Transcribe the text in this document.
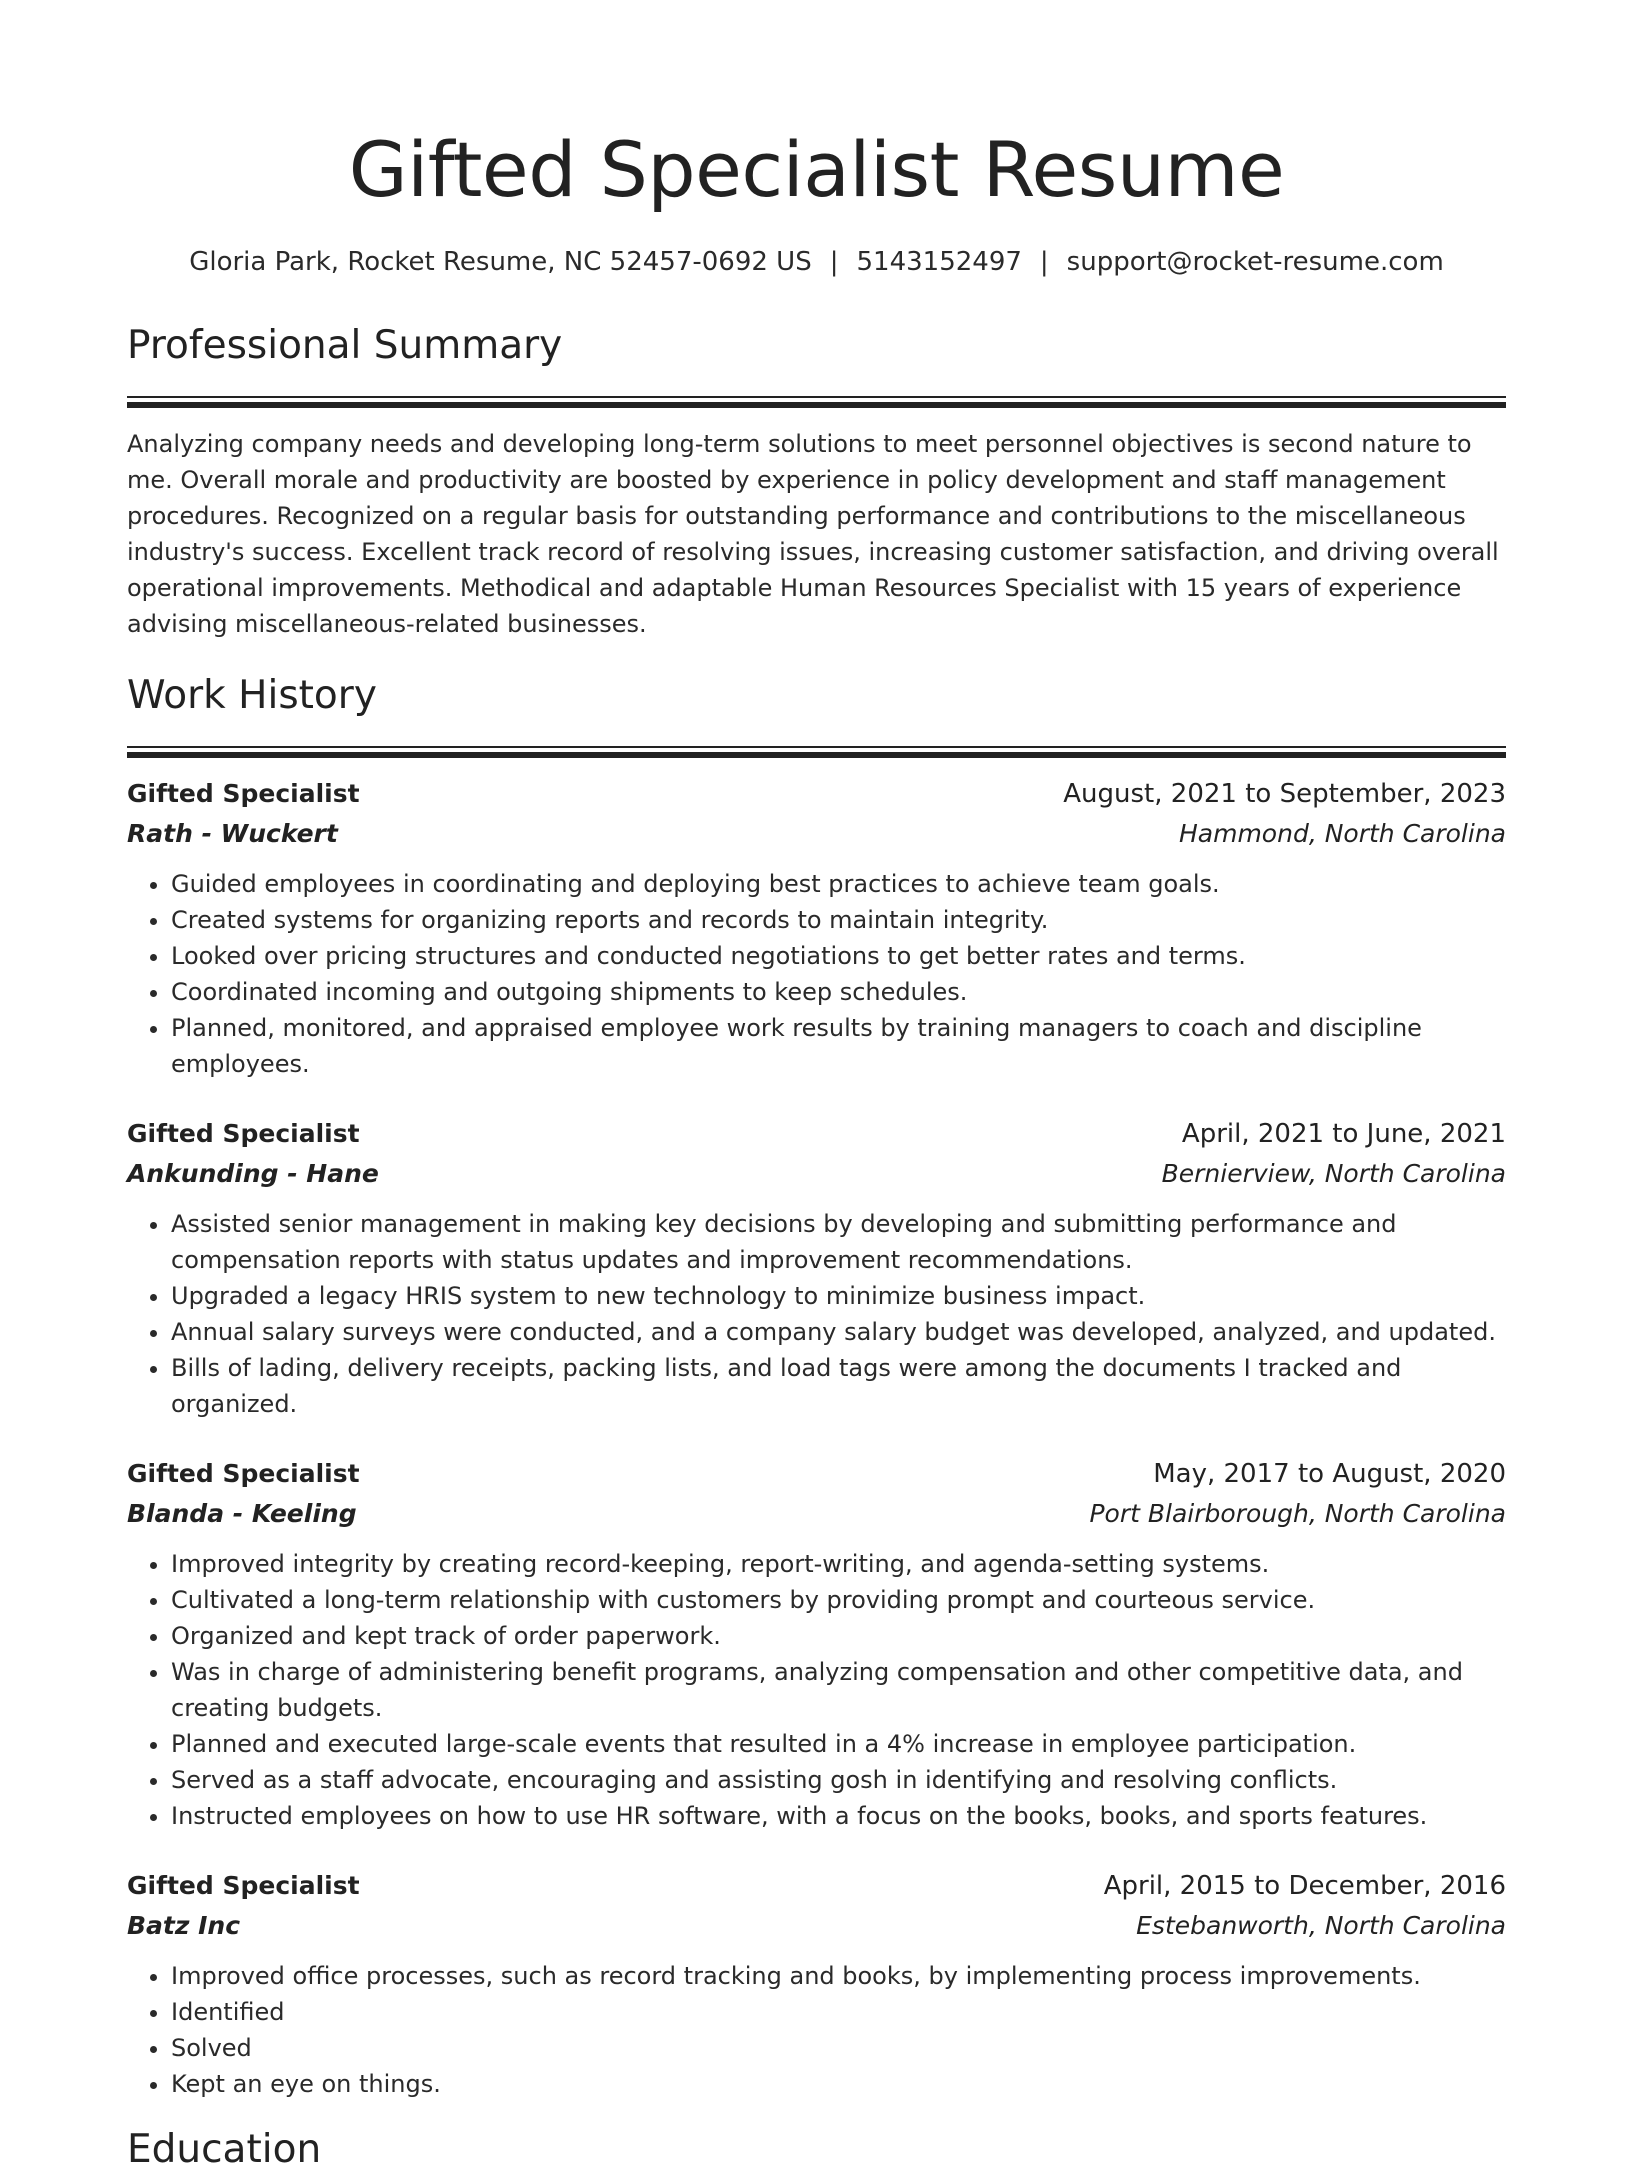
Gifted Specialist Resume
Gloria Park, Rocket Resume, NC 52457-0692 US | 5143152497 | support@rocket-resume.com
Professional Summary
Analyzing company needs and developing long-term solutions to meet personnel objectives is second nature to me. Overall morale and productivity are boosted by experience in policy development and staff management procedures. Recognized on a regular basis for outstanding performance and contributions to the miscellaneous industry's success. Excellent track record of resolving issues, increasing customer satisfaction, and driving overall operational improvements. Methodical and adaptable Human Resources Specialist with 15 years of experience advising miscellaneous-related businesses.
Work History
Gifted Specialist	August, 2021 to September, 2023
Rath - Wuckert	Hammond, North Carolina
• Guided employees in coordinating and deploying best practices to achieve team goals.
• Created systems for organizing reports and records to maintain integrity.
• Looked over pricing structures and conducted negotiations to get better rates and terms.
• Coordinated incoming and outgoing shipments to keep schedules.
• Planned, monitored, and appraised employee work results by training managers to coach and discipline employees.
Gifted Specialist	April, 2021 to June, 2021
Ankunding - Hane	Bernierview, North Carolina
• Assisted senior management in making key decisions by developing and submitting performance and compensation reports with status updates and improvement recommendations.
• Upgraded a legacy HRIS system to new technology to minimize business impact.
• Annual salary surveys were conducted, and a company salary budget was developed, analyzed, and updated.
• Bills of lading, delivery receipts, packing lists, and load tags were among the documents I tracked and organized.
Gifted Specialist	May, 2017 to August, 2020
Blanda - Keeling	Port Blairborough, North Carolina
• Improved integrity by creating record-keeping, report-writing, and agenda-setting systems.
• Cultivated a long-term relationship with customers by providing prompt and courteous service.
• Organized and kept track of order paperwork.
• Was in charge of administering benefit programs, analyzing compensation and other competitive data, and creating budgets.
• Planned and executed large-scale events that resulted in a 4% increase in employee participation.
• Served as a staff advocate, encouraging and assisting gosh in identifying and resolving conflicts.
• Instructed employees on how to use HR software, with a focus on the books, books, and sports features.
Gifted Specialist	April, 2015 to December, 2016
Batz Inc	Estebanworth, North Carolina
• Improved office processes, such as record tracking and books, by implementing process improvements.
• Identified
• Solved
• Kept an eye on things.
Education
